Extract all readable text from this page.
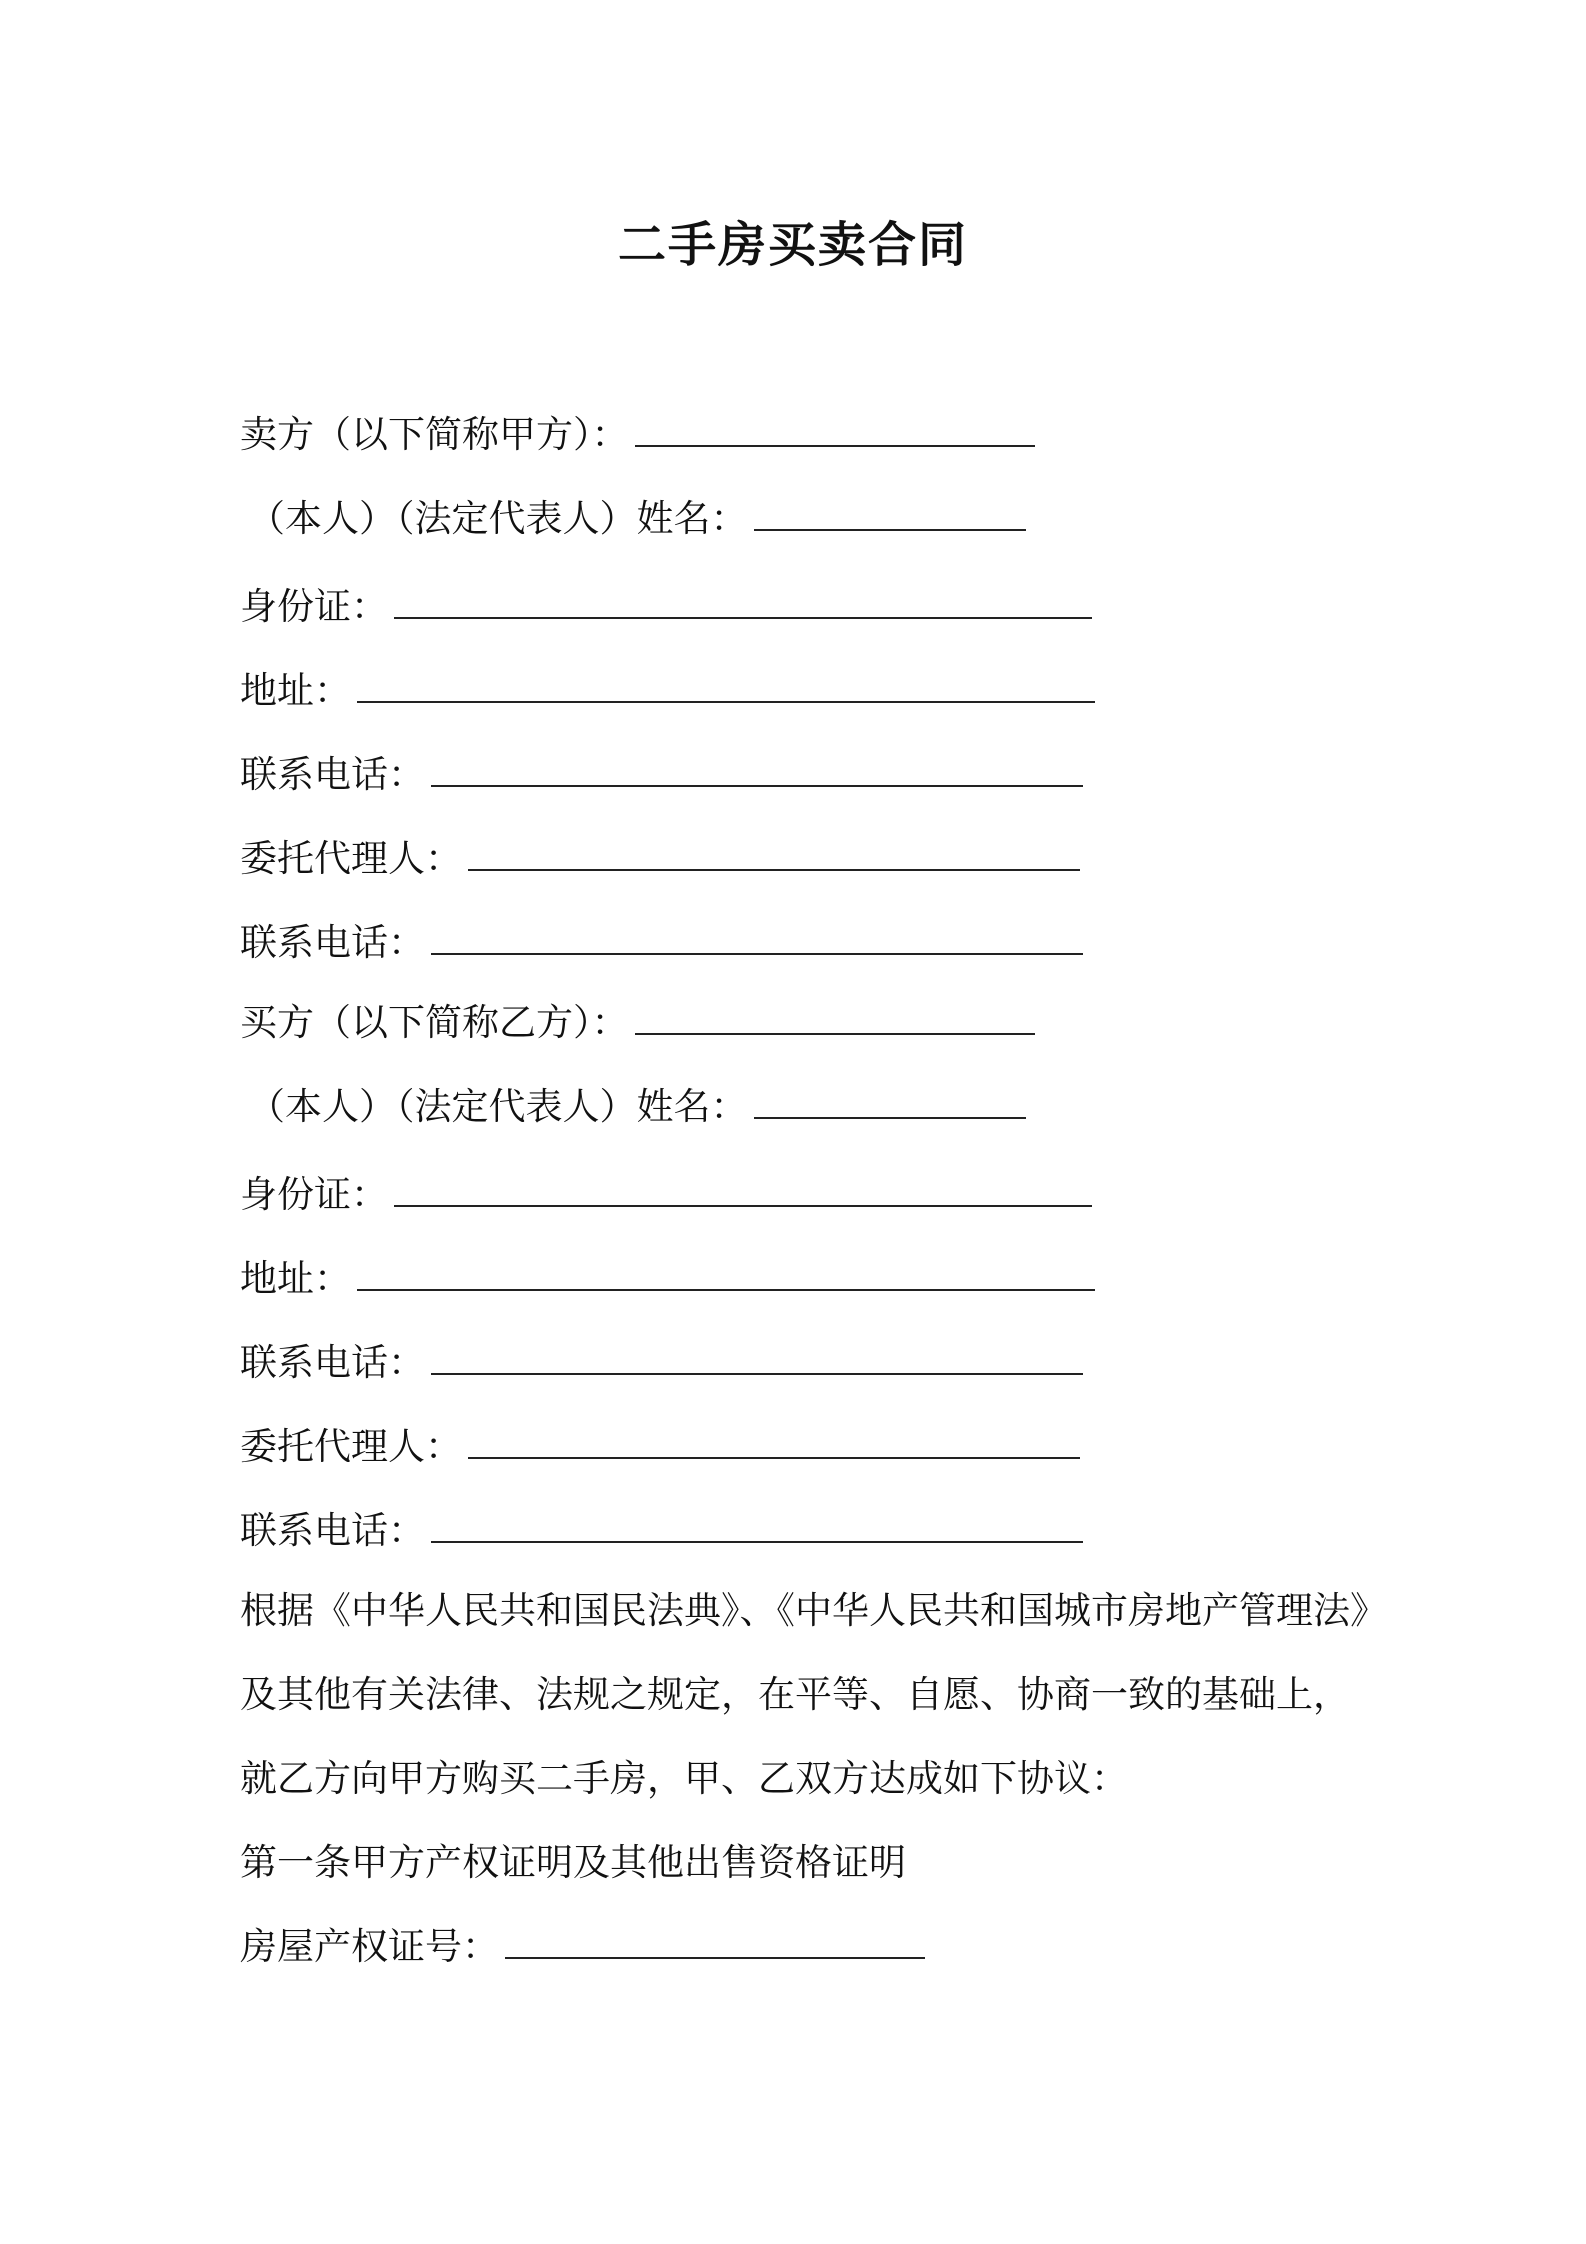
二手房买卖合同
卖方（以下简称甲方）：
（本人）（法定代表人）姓名：
身份证：
地址：
联系电话：
委托代理人：
联系电话：
买方（以下简称乙方）：
（本人）（法定代表人）姓名：
身份证：
地址：
联系电话：
委托代理人：
联系电话：
根据《中华人民共和国民法典》、《中华人民共和国城市房地产管理法》
及其他有关法律、法规之规定，在平等、自愿、协商一致的基础上，
就乙方向甲方购买二手房，甲、乙双方达成如下协议：
第一条甲方产权证明及其他出售资格证明
房屋产权证号：
